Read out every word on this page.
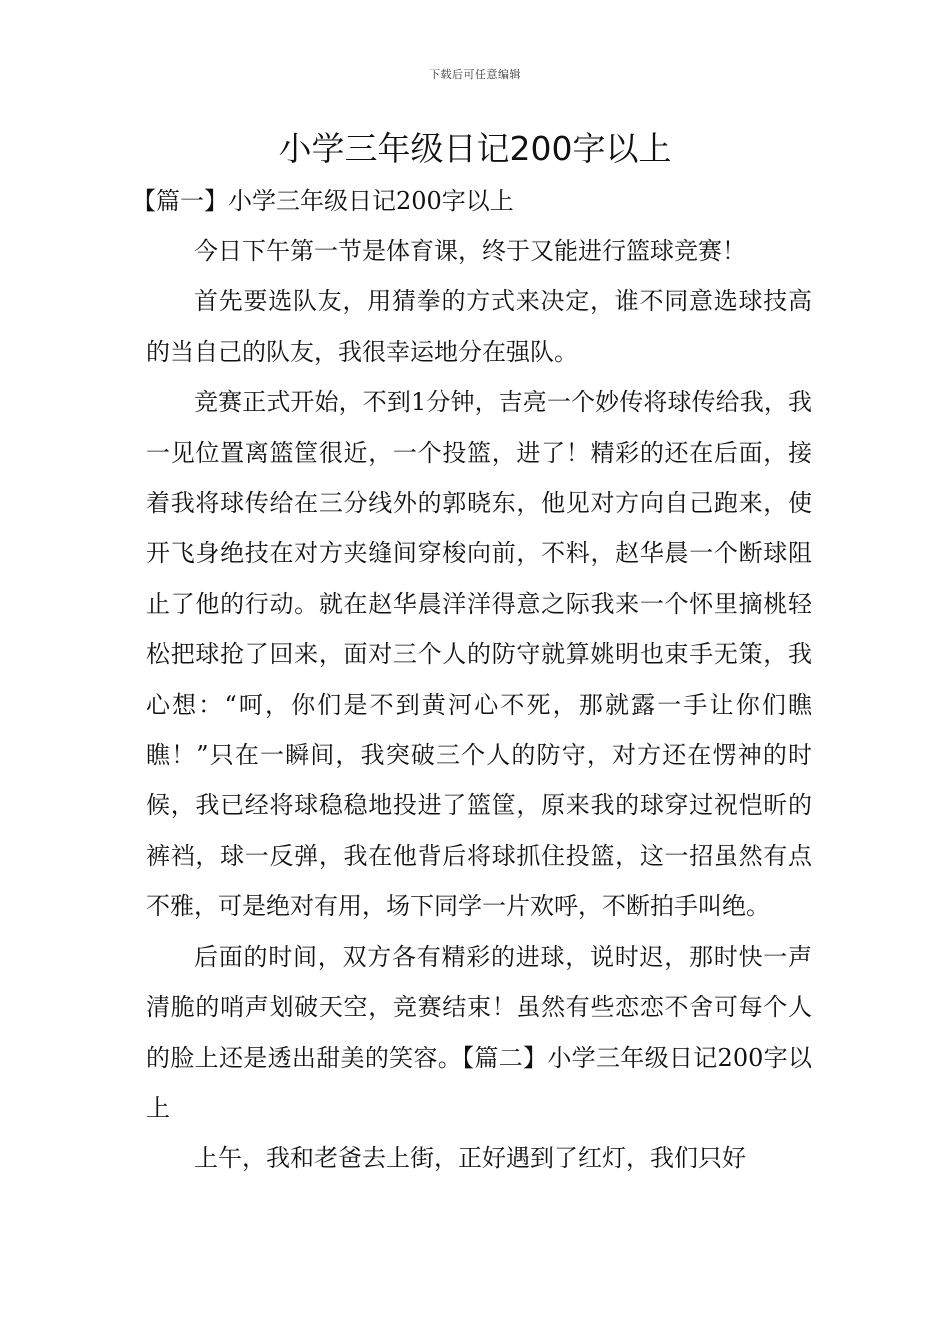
下载后可任意编辑
小学三年级日记200字以上

【篇一】小学三年级日记200字以上

今日下午第一节是体育课，终于又能进行篮球竞赛！

首先要选队友，用猜拳的方式来决定，谁不同意选球技高的当自己的队友，我很幸运地分在强队。

竞赛正式开始，不到1分钟，吉亮一个妙传将球传给我，我一见位置离篮筐很近，一个投篮，进了！精彩的还在后面，接着我将球传给在三分线外的郭晓东，他见对方向自己跑来，使开飞身绝技在对方夹缝间穿梭向前，不料，赵华晨一个断球阻止了他的行动。就在赵华晨洋洋得意之际我来一个怀里摘桃轻松把球抢了回来，面对三个人的防守就算姚明也束手无策，我心想：“呵，你们是不到黄河心不死，那就露一手让你们瞧瞧！”只在一瞬间，我突破三个人的防守，对方还在愣神的时候，我已经将球稳稳地投进了篮筐，原来我的球穿过祝恺昕的裤裆，球一反弹，我在他背后将球抓住投篮，这一招虽然有点不雅，可是绝对有用，场下同学一片欢呼，不断拍手叫绝。

后面的时间，双方各有精彩的进球，说时迟，那时快一声清脆的哨声划破天空，竞赛结束！虽然有些恋恋不舍可每个人的脸上还是透出甜美的笑容。【篇二】小学三年级日记200字以上

上午，我和老爸去上街，正好遇到了红灯，我们只好
